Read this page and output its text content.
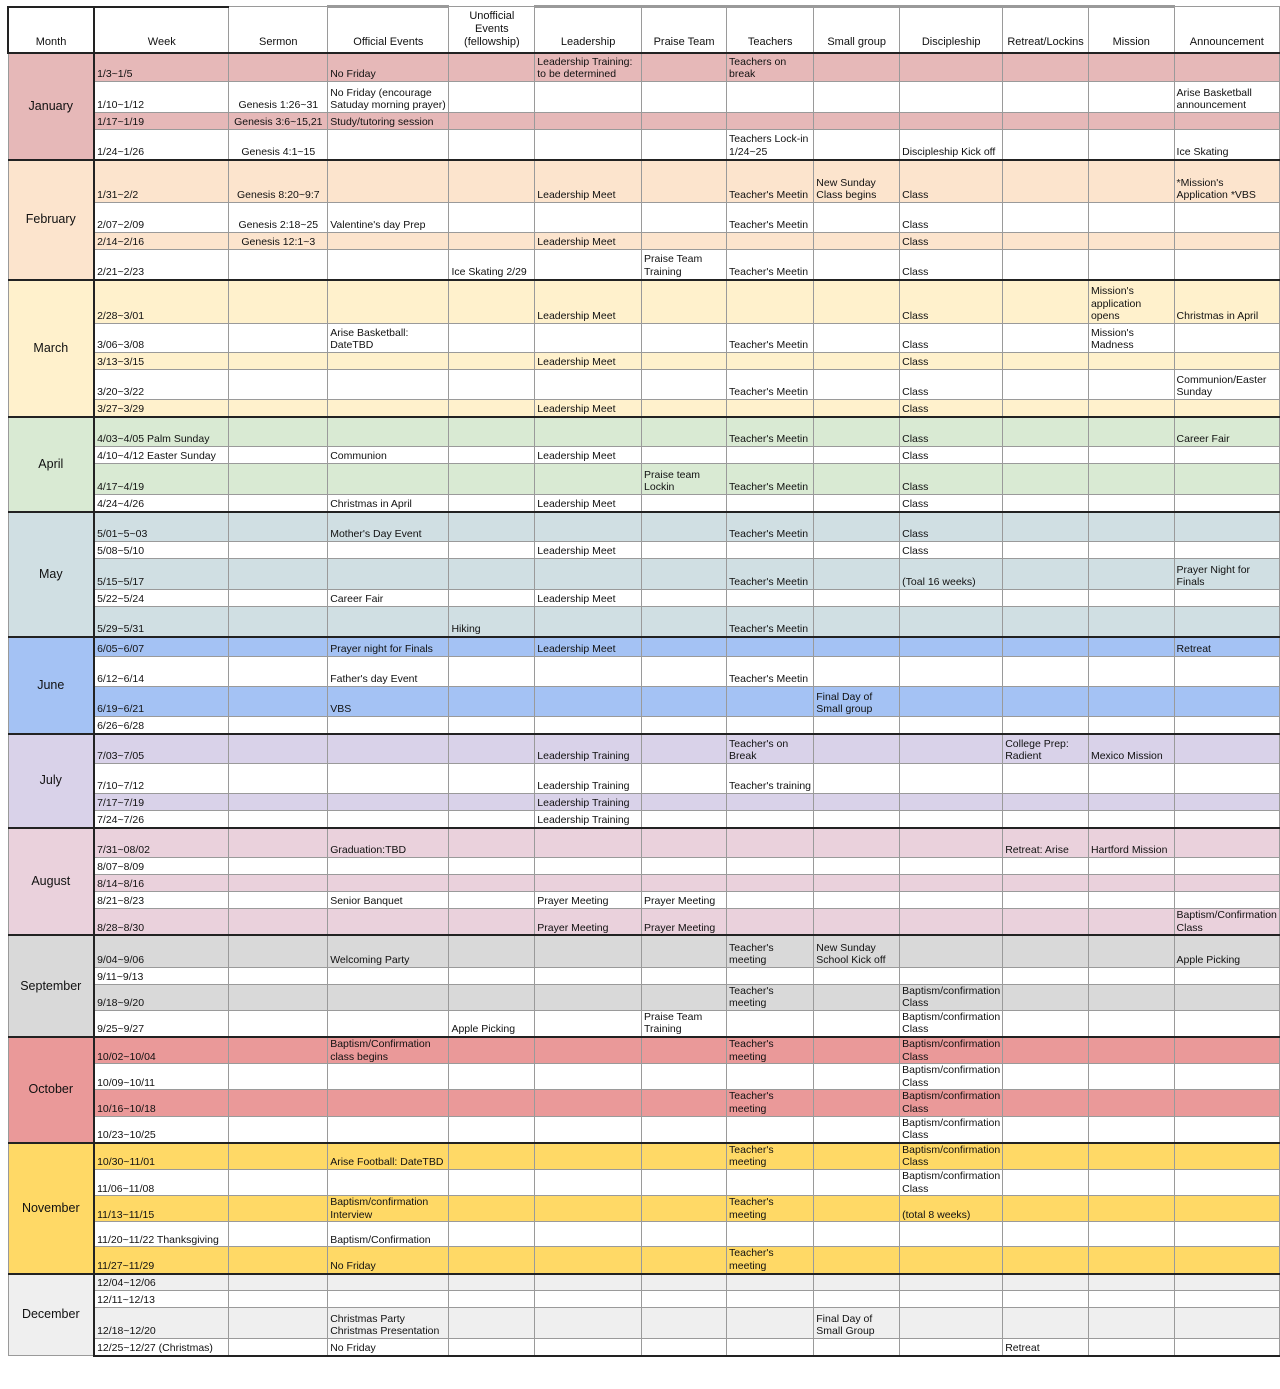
Month	Week	Sermon	Official Events	Unofficial Events (fellowship)	Leadership	Praise Team	Teachers	Small group	Discipleship	Retreat/Lockins	Mission	Announcement
January	1/3~1/5		No Friday		Leadership Training: to be determined		Teachers on break					
	1/10~1/12	Genesis 1:26~31	No Friday (encourage Satuday morning prayer)									Arise Basketball announcement
	1/17~1/19	Genesis 3:6~15,21	Study/tutoring session									
	1/24~1/26	Genesis 4:1~15					Teachers Lock-in 1/24~25		Discipleship Kick off			Ice Skating
February	1/31~2/2	Genesis 8:20~9:7			Leadership Meet		Teacher's Meetin	New Sunday Class begins	Class			*Mission's Application *VBS
	2/07~2/09	Genesis 2:18~25	Valentine's day Prep				Teacher's Meetin		Class			
	2/14~2/16	Genesis 12:1~3			Leadership Meet				Class			
	2/21~2/23			Ice Skating 2/29		Praise Team Training	Teacher's Meetin		Class			
March	2/28~3/01				Leadership Meet				Class		Mission's application opens	Christmas in April
	3/06~3/08		Arise Basketball: DateTBD				Teacher's Meetin		Class		Mission's Madness	
	3/13~3/15				Leadership Meet				Class			
	3/20~3/22						Teacher's Meetin		Class			Communion/Easter Sunday
	3/27~3/29				Leadership Meet				Class			
April	4/03~4/05 Palm Sunday						Teacher's Meetin		Class			Career Fair
	4/10~4/12 Easter Sunday		Communion		Leadership Meet				Class			
	4/17~4/19					Praise team Lockin	Teacher's Meetin		Class			
	4/24~4/26		Christmas in April		Leadership Meet				Class			
May	5/01~5~03		Mother's Day Event				Teacher's Meetin		Class			
	5/08~5/10				Leadership Meet				Class			
	5/15~5/17						Teacher's Meetin		(Toal 16 weeks)			Prayer Night for Finals
	5/22~5/24		Career Fair		Leadership Meet							
	5/29~5/31			Hiking			Teacher's Meetin					
June	6/05~6/07		Prayer night for Finals		Leadership Meet							Retreat
	6/12~6/14		Father's day Event				Teacher's Meetin					
	6/19~6/21		VBS					Final Day of Small group				
	6/26~6/28											
July	7/03~7/05				Leadership Training		Teacher's on Break			College Prep: Radient	Mexico Mission	
	7/10~7/12				Leadership Training		Teacher's training					
	7/17~7/19				Leadership Training							
	7/24~7/26				Leadership Training							
August	7/31~08/02		Graduation:TBD							Retreat: Arise	Hartford Mission	
	8/07~8/09											
	8/14~8/16											
	8/21~8/23		Senior Banquet		Prayer Meeting	Prayer Meeting						
	8/28~8/30				Prayer Meeting	Prayer Meeting						Baptism/Confirmation Class
September	9/04~9/06		Welcoming Party				Teacher's meeting	New Sunday School Kick off				Apple Picking
	9/11~9/13											
	9/18~9/20						Teacher's meeting		Baptism/confirmation Class			
	9/25~9/27			Apple Picking		Praise Team Training			Baptism/confirmation Class			
October	10/02~10/04		Baptism/Confirmation class begins				Teacher's meeting		Baptism/confirmation Class			
	10/09~10/11								Baptism/confirmation Class			
	10/16~10/18						Teacher's meeting		Baptism/confirmation Class			
	10/23~10/25								Baptism/confirmation Class			
November	10/30~11/01		Arise Football: DateTBD				Teacher's meeting		Baptism/confirmation Class			
	11/06~11/08								Baptism/confirmation Class			
	11/13~11/15		Baptism/confirmation Interview				Teacher's meeting		(total 8 weeks)			
	11/20~11/22 Thanksgiving		Baptism/Confirmation									
	11/27~11/29		No Friday				Teacher's meeting					
December	12/04~12/06											
	12/11~12/13											
	12/18~12/20		Christmas Party Christmas Presentation					Final Day of Small Group				
	12/25~12/27 (Christmas)		No Friday							Retreat		
